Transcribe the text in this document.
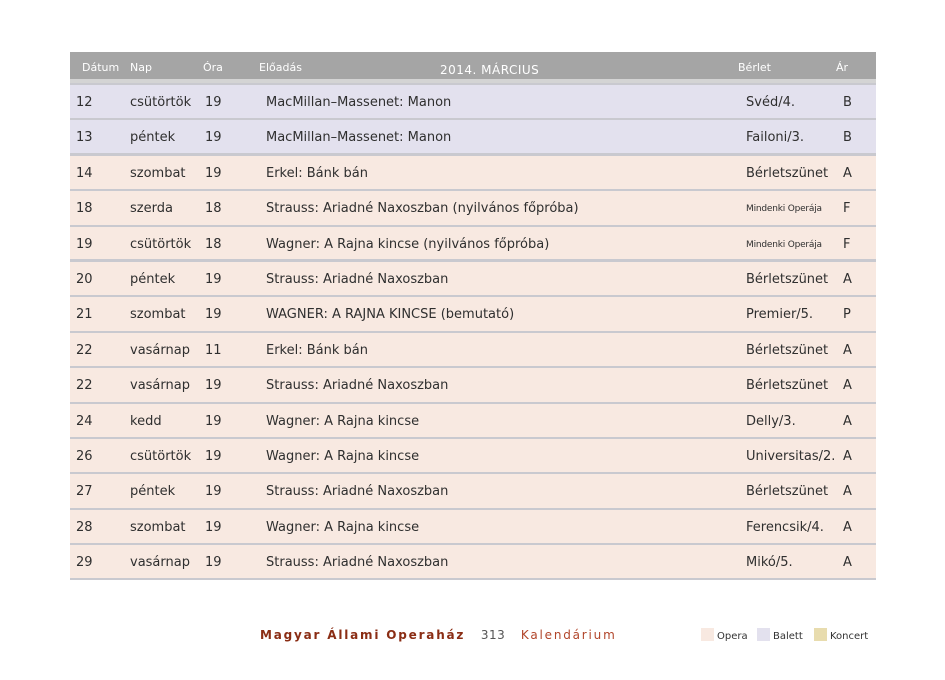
Dátum Nap	Óra	Előadás	2014. MÁRCIUS	Bérlet	Ár
12	csütörtök 19	MacMillan–Massenet: Manon	Svéd/4.	B
13	péntek 19	MacMillan–Massenet: Manon	Failoni/3.	B
14	szombat 19	Erkel: Bánk bán	Bérletszünet A
18	szerda 18	Strauss: Ariadné Naxoszban (nyilvános főpróba)	Mindenki Operája F
19	csütörtök 18	Wagner: A Rajna kincse (nyilvános főpróba)	Mindenki Operája F
20	péntek 19	Strauss: Ariadné Naxoszban	Bérletszünet A
21	szombat 19	WAGNER: A RAJNA KINCSE (bemutató)	Premier/5. P
22	vasárnap 11	Erkel: Bánk bán	Bérletszünet A
22	vasárnap 19	Strauss: Ariadné Naxoszban	Bérletszünet A
24	kedd	19	Wagner: A Rajna kincse	Delly/3.	A
26	csütörtök 19	Wagner: A Rajna kincse	Universitas/2. A
27	péntek 19	Strauss: Ariadné Naxoszban	Bérletszünet A
28	szombat 19	Wagner: A Rajna kincse	Ferencsik/4. A
29	vasárnap 19	Strauss: Ariadné Naxoszban	Mikó/5.	A
Magyar Állami Operaház 313 Kalendárium	Opera	Balett	Koncert
